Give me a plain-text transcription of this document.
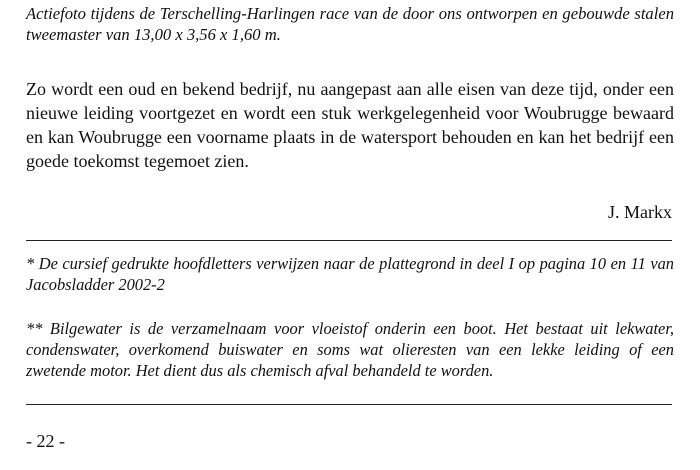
Actiefoto tijdens de Terschelling-Harlingen race van de door ons ontworpen en gebouwde stalen tweemaster van 13,00 x 3,56 x 1,60 m.

Zo wordt een oud en bekend bedrijf, nu aangepast aan alle eisen van deze tijd, onder een nieuwe leiding voortgezet en wordt een stuk werkgelegenheid voor Woubrugge bewaard en kan Woubrugge een voorname plaats in de watersport behouden en kan het bedrijf een goede toekomst tegemoet zien.

J. Markx

* De cursief gedrukte hoofdletters verwijzen naar de plattegrond in deel I op pagina 10 en 11 van Jacobsladder 2002-2

** Bilgewater is de verzamelnaam voor vloeistof onderin een boot. Het bestaat uit lekwater, condenswater, overkomend buiswater en soms wat olieresten van een lekke leiding of een zwetende motor. Het dient dus als chemisch afval behandeld te worden.

- 22 -
